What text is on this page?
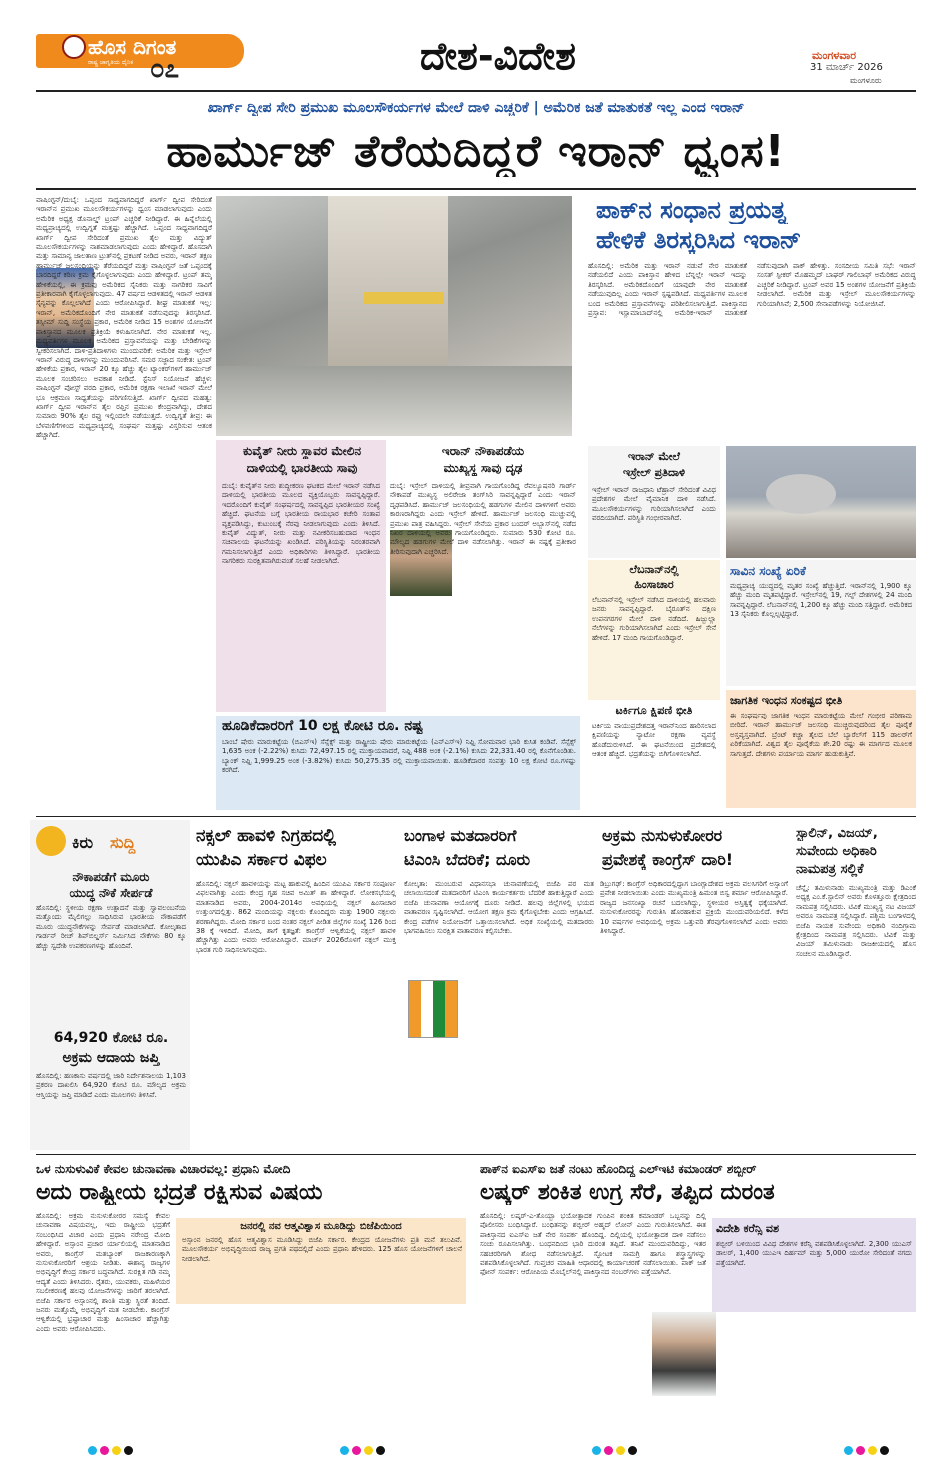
ಹೊಸ ದಿಗಂತ
ರಾಷ್ಟ್ರ ಜಾಗೃತಿಯ ದೈನಿಕ ೦೭	ದೇಶ-ವಿದೇಶ	ಮಂಗಳವಾರ
31 ಮಾರ್ಚ್ 2026
ಮಂಗಳೂರು
ಖಾರ್ಗ್ ದ್ವೀಪ ಸೇರಿ ಪ್ರಮುಖ ಮೂಲಸೌಕರ್ಯಗಳ ಮೇಲೆ ದಾಳಿ ಎಚ್ಚರಿಕೆ | ಅಮೆರಿಕ ಜತೆ ಮಾತುಕತೆ ಇಲ್ಲ ಎಂದ ಇರಾನ್
ಹಾರ್ಮುಜ್ ತೆರೆಯದಿದ್ದರೆ ಇರಾನ್ ಧ್ವಂಸ!
ವಾಷಿಂಗ್ಟನ್/ದುಬೈ: ಒಪ್ಪಂದ ಸಾಧ್ಯವಾಗದಿದ್ದರೆ ಖಾರ್ಗ್ ದ್ವೀಪ ಸೇರಿದಂತೆ ಇರಾನ್‌ನ ಪ್ರಮುಖ ಮೂಲಸೌಕರ್ಯಗಳನ್ನು ಧ್ವಂಸ ಮಾಡಲಾಗುವುದು ಎಂದು ಅಮೆರಿಕ ಅಧ್ಯಕ್ಷ ಡೊನಾಲ್ಡ್ ಟ್ರಂಪ್ ಎಚ್ಚರಿಕೆ ನೀಡಿದ್ದಾರೆ. ಈ ಹಿನ್ನೆಲೆಯಲ್ಲಿ ಮಧ್ಯಪ್ರಾಚ್ಯದಲ್ಲಿ ಉದ್ವಿಗ್ನತೆ ಮತ್ತಷ್ಟು ಹೆಚ್ಚಾಗಿದೆ. ಒಪ್ಪಂದ ಸಾಧ್ಯವಾಗದಿದ್ದರೆ ಖಾರ್ಗ್ ದ್ವೀಪ ಸೇರಿದಂತೆ ಪ್ರಮುಖ ತೈಲ ಮತ್ತು ವಿದ್ಯುತ್ ಮೂಲಸೌಕರ್ಯಗಳನ್ನು ನಾಶಮಾಡಲಾಗುವುದು ಎಂದು ಹೇಳಿದ್ದಾರೆ. ಹೊಸದಾಗಿ ಮತ್ತು ಸಾಮಾನ್ಯ ಜಾಲತಾಣ ಟ್ರುತ್‌ನಲ್ಲಿ ಪ್ರಕಟಣೆ ನೀಡಿದ ಅವರು, ಇರಾನ್ ತಕ್ಷಣ ಹಾರ್ಮುಜ್ ಜಲಸಂಧಿಯನ್ನು ತೆರೆಯದಿದ್ದರೆ ಮತ್ತು ವಾಷಿಂಗ್ಟನ್ ಜತೆ ಒಪ್ಪಂದಕ್ಕೆ ಬಾರದಿದ್ದರೆ ಕಠಿಣ ಕ್ರಮ ಕೈಗೊಳ್ಳಲಾಗುವುದು ಎಂದು ಹೇಳಿದ್ದಾರೆ. ಟ್ರಂಪ್ ತಮ್ಮ ಹೇಳಿಕೆಯಲ್ಲಿ, ಈ ಕ್ರಮವು ಅಮೆರಿಕದ ಸೈನಿಕರು ಮತ್ತು ನಾಗರಿಕರ ಸಾವಿಗೆ ಪ್ರತೀಕಾರವಾಗಿ ಕೈಗೊಳ್ಳಲಾಗುವುದು. 47 ವರ್ಷದ ಆಡಳಿತದಲ್ಲಿ ಇರಾನ್ ಆಡಳಿತ ಸೈನ್ಯವನ್ನು ಕೊಲ್ಲಲಾಗಿದೆ ಎಂದು ಆರೋಪಿಸಿದ್ದಾರೆ. ಶೀಘ್ರ ಮಾತುಕತೆ ಇಲ್ಲ: ಇರಾನ್, ಅಮೆರಿಕದೊಂದಿಗೆ ನೇರ ಮಾತುಕತೆ ನಡೆಸುವುದನ್ನು ತಿರಸ್ಕರಿಸಿದೆ. ತಸ್ಸೀಮ್ ಸುದ್ದಿ ಸಂಸ್ಥೆಯ ಪ್ರಕಾರ, ಅಮೆರಿಕ ನೀಡಿದ 15 ಅಂಶಗಳ ಯೋಜನೆಗೆ ಪಾಕಿಸ್ತಾನದ ಮೂಲಕ ಪ್ರತಿಕ್ರಿಯೆ ಕಳುಹಿಸಲಾಗಿದೆ. ನೇರ ಮಾತುಕತೆ ಇಲ್ಲ. ಮಧ್ಯವರ್ತಿಗಳ ಮೂಲಕ ಅಮೆರಿಕದ ಪ್ರಸ್ತಾವನೆಯನ್ನು ಮತ್ತು ಬೇಡಿಕೆಗಳನ್ನು ಸ್ವೀಕರಿಸಲಾಗಿದೆ. ದಾಳಿ-ಪ್ರತಿದಾಳಿಗಳು ಮುಂದುವರಿಕೆ: ಅಮೆರಿಕ ಮತ್ತು ಇಸ್ರೇಲ್ ಇರಾನ್ ವಿರುದ್ಧ ದಾಳಿಗಳನ್ನು ಮುಂದುವರಿಸಿವೆ. ಸಮರ ಸಜ್ಜಾದ ಸಂಕೇತ: ಟ್ರಂಪ್ ಹೇಳಿಕೆಯ ಪ್ರಕಾರ, ಇರಾನ್ 20 ಕ್ಕೂ ಹೆಚ್ಚು ತೈಲ ಟ್ಯಾಂಕರ್‌ಗಳಿಗೆ ಹಾರ್ಮುಜ್ ಮೂಲಕ ಸಂಚರಿಸಲು ಅವಕಾಶ ನೀಡಿದೆ. ಸ್ಟೆನಿಸ್ ನಿಯೋಜನೆ ಹೆಚ್ಚಳ: ವಾಷಿಂಗ್ಟನ್ ಪೋಸ್ಟ್ ವರದಿ ಪ್ರಕಾರ, ಅಮೆರಿಕ ರಕ್ಷಣಾ ಇಲಾಖೆ ಇರಾನ್ ಮೇಲೆ ಭೂ ಆಕ್ರಮಣ ಸಾಧ್ಯತೆಯನ್ನು ಪರಿಗಣಿಸುತ್ತಿದೆ. ಖಾರ್ಗ್ ದ್ವೀಪದ ಮಹತ್ವ: ಖಾರ್ಗ್ ದ್ವೀಪ ಇರಾನ್‌ನ ತೈಲ ರಫ್ತಿನ ಪ್ರಮುಖ ಕೇಂದ್ರವಾಗಿದ್ದು, ದೇಶದ ಸುಮಾರು 90% ತೈಲ ರಫ್ತು ಇಲ್ಲಿಂದಲೇ ನಡೆಯುತ್ತದೆ. ಉದ್ವಿಗ್ನತೆ ತೀವ್ರ: ಈ ಬೆಳವಣಿಗೆಗಳಿಂದ ಮಧ್ಯಪ್ರಾಚ್ಯದಲ್ಲಿ ಸಂಘರ್ಷ ಮತ್ತಷ್ಟು ವಿಸ್ತರಿಸುವ ಆತಂಕ ಹೆಚ್ಚಾಗಿದೆ.
ಪಾಕ್‌ನ ಸಂಧಾನ ಪ್ರಯತ್ನ
ಹೇಳಿಕೆ ತಿರಸ್ಕರಿಸಿದ ಇರಾನ್
ಹೊಸದಿಲ್ಲಿ: ಅಮೆರಿಕ ಮತ್ತು ಇರಾನ್ ನಡುವೆ ನೇರ ಮಾತುಕತೆ ನಡೆಯಲಿದೆ ಎಂದು ಪಾಕಿಸ್ತಾನ ಹೇಳಿದ ಬೆನ್ನಲ್ಲೇ ಇರಾನ್ ಇದನ್ನು ತಿರಸ್ಕರಿಸಿದೆ. ಅಮೆರಿಕದೊಂದಿಗೆ ಯಾವುದೇ ನೇರ ಮಾತುಕತೆ ನಡೆಯುವುದಿಲ್ಲ ಎಂದು ಇರಾನ್ ಸ್ಪಷ್ಟಪಡಿಸಿದೆ. ಮಧ್ಯವರ್ತಿಗಳ ಮೂಲಕ ಬಂದ ಅಮೆರಿಕದ ಪ್ರಸ್ತಾವನೆಗಳನ್ನು ಪರಿಶೀಲಿಸಲಾಗುತ್ತಿದೆ. ಪಾಕಿಸ್ತಾನದ ಪ್ರಸ್ತಾವ: ಇಸ್ಲಾಮಾಬಾದ್‌ನಲ್ಲಿ ಅಮೆರಿಕ-ಇರಾನ್ ಮಾತುಕತೆ ನಡೆಸುವುದಾಗಿ ಪಾಕ್ ಹೇಳಿತ್ತು. ಸಂಸದೀಯ ಸಮಿತಿ ಸಭೆ: ಇರಾನ್ ಸಂಸತ್ ಸ್ಪೀಕರ್ ಮೊಹಮ್ಮದ್ ಬಾಘರ್ ಗಾಲಿಬಾಫ್ ಅಮೆರಿಕದ ವಿರುದ್ಧ ಎಚ್ಚರಿಕೆ ನೀಡಿದ್ದಾರೆ. ಟ್ರಂಪ್ ಅವರ 15 ಅಂಶಗಳ ಯೋಜನೆಗೆ ಪ್ರತಿಕ್ರಿಯೆ ನೀಡಲಾಗಿದೆ. ಅಮೆರಿಕ ಮತ್ತು ಇಸ್ರೇಲ್ ಮೂಲಸೌಕರ್ಯಗಳನ್ನು ಗುರಿಯಾಗಿಸಿವೆ; 2,500 ಸೇನಾಪಡೆಗಳನ್ನು ನಿಯೋಜಿಸಿವೆ.
ಕುವೈತ್ ನೀರು ಸ್ಥಾವರ ಮೇಲಿನ
ದಾಳಿಯಲ್ಲಿ ಭಾರತೀಯ ಸಾವು
ದುಬೈ: ಕುವೈತ್‌ನ ನೀರು ಶುದ್ಧೀಕರಣ ಘಟಕದ ಮೇಲೆ ಇರಾನ್ ನಡೆಸಿದ ದಾಳಿಯಲ್ಲಿ ಭಾರತೀಯ ಮೂಲದ ವ್ಯಕ್ತಿಯೊಬ್ಬರು ಸಾವನ್ನಪ್ಪಿದ್ದಾರೆ. ಇದರೊಂದಿಗೆ ಕುವೈತ್ ಸಂಘರ್ಷದಲ್ಲಿ ಸಾವನ್ನಪ್ಪಿದ ಭಾರತೀಯರ ಸಂಖ್ಯೆ ಹೆಚ್ಚಿದೆ. ಘಟನೆಯ ಬಗ್ಗೆ ಭಾರತೀಯ ರಾಯಭಾರ ಕಚೇರಿ ಸಂತಾಪ ವ್ಯಕ್ತಪಡಿಸಿದ್ದು, ಕುಟುಂಬಕ್ಕೆ ನೆರವು ನೀಡಲಾಗುವುದು ಎಂದು ತಿಳಿಸಿದೆ. ಕುವೈತ್ ವಿದ್ಯುತ್, ನೀರು ಮತ್ತು ನವೀಕರಿಸಬಹುದಾದ ಇಂಧನ ಸಚಿವಾಲಯ ಘಟನೆಯನ್ನು ಖಂಡಿಸಿದೆ. ಪರಿಸ್ಥಿತಿಯನ್ನು ನಿರಂತರವಾಗಿ ಗಮನಿಸಲಾಗುತ್ತಿದೆ ಎಂದು ಅಧಿಕಾರಿಗಳು ತಿಳಿಸಿದ್ದಾರೆ. ಭಾರತೀಯ ನಾಗರಿಕರು ಸುರಕ್ಷಿತವಾಗಿರುವಂತೆ ಸಲಹೆ ನೀಡಲಾಗಿದೆ.
ಇರಾನ್ ನೌಕಾಪಡೆಯ
ಮುಖ್ಯಸ್ಥ ಸಾವು ದೃಢ
ದುಬೈ: ಇಸ್ರೇಲ್ ದಾಳಿಯಲ್ಲಿ ತೀವ್ರವಾಗಿ ಗಾಯಗೊಂಡಿದ್ದ ರೆವಲ್ಯೂಷನರಿ ಗಾರ್ಡ್ ನೌಕಾಪಡೆ ಮುಖ್ಯಸ್ಥ ಅಲಿರೇಜಾ ತಂಗ್‌ಸಿರಿ ಸಾವನ್ನಪ್ಪಿದ್ದಾರೆ ಎಂದು ಇರಾನ್ ದೃಢಪಡಿಸಿದೆ. ಹಾರ್ಮುಜ್ ಜಲಸಂಧಿಯಲ್ಲಿ ಹಡಗುಗಳ ಮೇಲಿನ ದಾಳಿಗಳಿಗೆ ಅವರು ಕಾರಣರಾಗಿದ್ದರು ಎಂದು ಇಸ್ರೇಲ್ ಹೇಳಿದೆ. ಹಾರ್ಮುಜ್ ಜಲಸಂಧಿ ಮುಚ್ಚುವಲ್ಲಿ ಪ್ರಮುಖ ಪಾತ್ರ ವಹಿಸಿದ್ದರು. ಇಸ್ರೇಲ್ ಸೇನೆಯ ಪ್ರಕಾರ ಬಂದರ್ ಅಬ್ಬಾಸ್‌ನಲ್ಲಿ ನಡೆದ ನಿಖರ ದಾಳಿಯಲ್ಲಿ ಅವರು ಗಾಯಗೊಂಡಿದ್ದರು. ಸುಮಾರು 530 ಕೋಟಿ ರೂ. ಮೌಲ್ಯದ ಹಡಗುಗಳ ಮೇಲೆ ದಾಳಿ ನಡೆಸಲಾಗಿತ್ತು. ಇರಾನ್ ಈ ನಷ್ಟಕ್ಕೆ ಪ್ರತೀಕಾರ ತೀರಿಸುವುದಾಗಿ ಎಚ್ಚರಿಸಿದೆ.
ಇರಾನ್ ಮೇಲೆ
ಇಸ್ರೇಲ್ ಪ್ರತಿದಾಳಿ
ಇಸ್ರೇಲ್ ಇರಾನ್ ರಾಜಧಾನಿ ಟೆಹ್ರಾನ್ ಸೇರಿದಂತೆ ವಿವಿಧ ಪ್ರದೇಶಗಳ ಮೇಲೆ ವೈಮಾನಿಕ ದಾಳಿ ನಡೆಸಿದೆ. ಮೂಲಸೌಕರ್ಯಗಳನ್ನು ಗುರಿಯಾಗಿಸಲಾಗಿದೆ ಎಂದು ವರದಿಯಾಗಿದೆ. ಪರಿಸ್ಥಿತಿ ಗಂಭೀರವಾಗಿದೆ.
ಲೆಬನಾನ್‌ನಲ್ಲಿ
ಹಿಂಸಾಚಾರ
ಲೆಬನಾನ್‌ನಲ್ಲಿ ಇಸ್ರೇಲ್ ನಡೆಸಿದ ದಾಳಿಯಲ್ಲಿ ಹಲವಾರು ಜನರು ಸಾವನ್ನಪ್ಪಿದ್ದಾರೆ. ಬೈರೂತ್‌ನ ದಕ್ಷಿಣ ಉಪನಗರಗಳ ಮೇಲೆ ದಾಳಿ ನಡೆದಿದೆ. ಹಿಜ್ಬುಲ್ಲಾ ನೆಲೆಗಳನ್ನು ಗುರಿಯಾಗಿಸಲಾಗಿದೆ ಎಂದು ಇಸ್ರೇಲ್ ಸೇನೆ ಹೇಳಿದೆ. 17 ಮಂದಿ ಗಾಯಗೊಂಡಿದ್ದಾರೆ.
ಟರ್ಕಿಗೂ ಕ್ಷಿಪಣಿ ಭೀತಿ
ಟರ್ಕಿಯ ವಾಯುಪ್ರದೇಶದತ್ತ ಇರಾನ್‌ನಿಂದ ಹಾರಿಸಲಾದ ಕ್ಷಿಪಣಿಯನ್ನು ನ್ಯಾಟೋ ರಕ್ಷಣಾ ವ್ಯವಸ್ಥೆ ಹೊಡೆದುರುಳಿಸಿದೆ. ಈ ಘಟನೆಯಿಂದ ಪ್ರದೇಶದಲ್ಲಿ ಆತಂಕ ಹೆಚ್ಚಿದೆ. ಭದ್ರತೆಯನ್ನು ಬಿಗಿಗೊಳಿಸಲಾಗಿದೆ.
ಸಾವಿನ ಸಂಖ್ಯೆ ಏರಿಕೆ
ಮಧ್ಯಪ್ರಾಚ್ಯ ಯುದ್ಧದಲ್ಲಿ ಮೃತರ ಸಂಖ್ಯೆ ಹೆಚ್ಚುತ್ತಿದೆ. ಇರಾನ್‌ನಲ್ಲಿ 1,900 ಕ್ಕೂ ಹೆಚ್ಚು ಮಂದಿ ಮೃತಪಟ್ಟಿದ್ದಾರೆ. ಇಸ್ರೇಲ್‌ನಲ್ಲಿ 19, ಗಲ್ಫ್ ದೇಶಗಳಲ್ಲಿ 24 ಮಂದಿ ಸಾವನ್ನಪ್ಪಿದ್ದಾರೆ. ಲೆಬನಾನ್‌ನಲ್ಲಿ 1,200 ಕ್ಕೂ ಹೆಚ್ಚು ಮಂದಿ ಸತ್ತಿದ್ದಾರೆ. ಅಮೆರಿಕದ 13 ಸೈನಿಕರು ಕೊಲ್ಲಲ್ಪಟ್ಟಿದ್ದಾರೆ.
ಜಾಗತಿಕ ಇಂಧನ ಸಂಕಷ್ಟದ ಭೀತಿ
ಈ ಸಂಘರ್ಷವು ಜಾಗತಿಕ ಇಂಧನ ಮಾರುಕಟ್ಟೆಯ ಮೇಲೆ ಗಂಭೀರ ಪರಿಣಾಮ ಬೀರಿದೆ. ಇರಾನ್ ಹಾರ್ಮುಜ್ ಜಲಸಂಧಿ ಮುಚ್ಚಿರುವುದರಿಂದ ತೈಲ ಪೂರೈಕೆ ಅಸ್ತವ್ಯಸ್ತವಾಗಿದೆ. ಬ್ರೆಂಟ್ ಕಚ್ಚಾ ತೈಲದ ಬೆಲೆ ಬ್ಯಾರೆಲ್‌ಗೆ 115 ಡಾಲರ್‌ಗೆ ಏರಿಕೆಯಾಗಿದೆ. ವಿಶ್ವದ ತೈಲ ಪೂರೈಕೆಯ ಶೇ.20 ರಷ್ಟು ಈ ಮಾರ್ಗದ ಮೂಲಕ ಸಾಗುತ್ತದೆ. ದೇಶಗಳು ಪರ್ಯಾಯ ಮಾರ್ಗ ಹುಡುಕುತ್ತಿವೆ.
ಹೂಡಿಕೆದಾರರಿಗೆ 10 ಲಕ್ಷ ಕೋಟಿ ರೂ. ನಷ್ಟ
ಬಾಂಬೆ ಷೇರು ಮಾರುಕಟ್ಟೆಯ (ಬಿಎಸ್‌ಇ) ಸೆನ್ಸೆಕ್ಸ್ ಮತ್ತು ರಾಷ್ಟ್ರೀಯ ಷೇರು ಮಾರುಕಟ್ಟೆಯ (ಎನ್‌ಎಸ್‌ಇ) ನಿಫ್ಟಿ ಸೋಮವಾರ ಭಾರಿ ಕುಸಿತ ಕಂಡಿವೆ. ಸೆನ್ಸೆಕ್ಸ್ 1,635 ಅಂಕ (-2.22%) ಕುಸಿದು 72,497.15 ರಲ್ಲಿ ಮುಕ್ತಾಯವಾದರೆ, ನಿಫ್ಟಿ 488 ಅಂಕ (-2.1%) ಕುಸಿದು 22,331.40 ರಲ್ಲಿ ಕೊನೆಗೊಂಡಿತು. ಬ್ಯಾಂಕ್ ನಿಫ್ಟಿ 1,999.25 ಅಂಕ (-3.82%) ಕುಸಿದು 50,275.35 ರಲ್ಲಿ ಮುಕ್ತಾಯವಾಯಿತು. ಹೂಡಿಕೆದಾರರ ಸಂಪತ್ತು 10 ಲಕ್ಷ ಕೋಟಿ ರೂ.ಗಳಷ್ಟು ಕರಗಿದೆ.
ಕಿರು ಸುದ್ದಿ
ನೌಕಾಪಡೆಗೆ ಮೂರು
ಯುದ್ಧ ನೌಕೆ ಸೇರ್ಪಡೆ
ಹೊಸದಿಲ್ಲಿ: ಸ್ಥಳೀಯ ರಕ್ಷಣಾ ಉತ್ಪಾದನೆ ಮತ್ತು ಸ್ವಾವಲಂಬನೆಯ ಮತ್ತೊಂದು ಮೈಲಿಗಲ್ಲು ಸಾಧಿಸಿರುವ ಭಾರತೀಯ ನೌಕಾಪಡೆಗೆ ಮೂರು ಯುದ್ಧನೌಕೆಗಳನ್ನು ಸೇರ್ಪಡೆ ಮಾಡಲಾಗಿದೆ. ಕೋಲ್ಕತಾದ ಗಾರ್ಡನ್ ರೀಚ್ ಶಿಪ್‌ಬಿಲ್ಡರ್ಸ್ ನಿರ್ಮಿಸಿದ ನೌಕೆಗಳು 80 ಕ್ಕೂ ಹೆಚ್ಚು ಸ್ವದೇಶಿ ಉಪಕರಣಗಳನ್ನು ಹೊಂದಿವೆ.
64,920 ಕೋಟಿ ರೂ.
ಅಕ್ರಮ ಆದಾಯ ಜಪ್ತಿ
ಹೊಸದಿಲ್ಲಿ: ಹಣಕಾಸು ವರ್ಷದಲ್ಲಿ ಜಾರಿ ನಿರ್ದೇಶನಾಲಯ 1,103 ಪ್ರಕರಣ ದಾಖಲಿಸಿ 64,920 ಕೋಟಿ ರೂ. ಮೌಲ್ಯದ ಅಕ್ರಮ ಆಸ್ತಿಯನ್ನು ಜಪ್ತಿ ಮಾಡಿದೆ ಎಂದು ಮೂಲಗಳು ತಿಳಿಸಿವೆ.
ನಕ್ಸಲ್ ಹಾವಳಿ ನಿಗ್ರಹದಲ್ಲಿ
ಯುಪಿಎ ಸರ್ಕಾರ ವಿಫಲ
ಹೊಸದಿಲ್ಲಿ: ನಕ್ಸಲ್ ಹಾವಳಿಯನ್ನು ಮಟ್ಟ ಹಾಕುವಲ್ಲಿ ಹಿಂದಿನ ಯುಪಿಎ ಸರ್ಕಾರ ಸಂಪೂರ್ಣ ವಿಫಲವಾಗಿತ್ತು ಎಂದು ಕೇಂದ್ರ ಗೃಹ ಸಚಿವ ಅಮಿತ್ ಶಾ ಹೇಳಿದ್ದಾರೆ. ಲೋಕಸಭೆಯಲ್ಲಿ ಮಾತನಾಡಿದ ಅವರು, 2004-2014ರ ಅವಧಿಯಲ್ಲಿ ನಕ್ಸಲ್ ಹಿಂಸಾಚಾರ ಉತ್ತುಂಗದಲ್ಲಿತ್ತು. 862 ಮಂದಿಯನ್ನು ನಕ್ಸಲರು ಕೊಂದಿದ್ದರು ಮತ್ತು 1900 ನಕ್ಸಲರು ಶರಣಾಗಿದ್ದರು. ಮೋದಿ ಸರ್ಕಾರ ಬಂದ ನಂತರ ನಕ್ಸಲ್ ಪೀಡಿತ ಜಿಲ್ಲೆಗಳ ಸಂಖ್ಯೆ 126 ರಿಂದ 38 ಕ್ಕೆ ಇಳಿದಿದೆ. ಮೋದಿ, ಶಾಗೆ ಕೃತಜ್ಞತೆ: ಕಾಂಗ್ರೆಸ್ ಆಳ್ವಿಕೆಯಲ್ಲಿ ನಕ್ಸಲ್ ಹಾವಳಿ ಹೆಚ್ಚಾಗಿತ್ತು ಎಂದು ಅವರು ಆರೋಪಿಸಿದ್ದಾರೆ. ಮಾರ್ಚ್ 2026ರೊಳಗೆ ನಕ್ಸಲ್ ಮುಕ್ತ ಭಾರತ ಗುರಿ ಸಾಧಿಸಲಾಗುವುದು.
ಬಂಗಾಳ ಮತದಾರರಿಗೆ
ಟಿಎಂಸಿ ಬೆದರಿಕೆ; ದೂರು
ಕೋಲ್ಕತಾ: ಮುಂಬರುವ ವಿಧಾನಸಭಾ ಚುನಾವಣೆಯಲ್ಲಿ ಬಿಜೆಪಿ ಪರ ಮತ ಚಲಾಯಿಸದಂತೆ ಮತದಾರರಿಗೆ ಟಿಎಂಸಿ ಕಾರ್ಯಕರ್ತರು ಬೆದರಿಕೆ ಹಾಕುತ್ತಿದ್ದಾರೆ ಎಂದು ಬಿಜೆಪಿ ಚುನಾವಣಾ ಆಯೋಗಕ್ಕೆ ದೂರು ನೀಡಿದೆ. ಹಲವು ಜಿಲ್ಲೆಗಳಲ್ಲಿ ಭಯದ ವಾತಾವರಣ ಸೃಷ್ಟಿಸಲಾಗಿದೆ. ಆಯೋಗ ತಕ್ಷಣ ಕ್ರಮ ಕೈಗೊಳ್ಳಬೇಕು ಎಂದು ಆಗ್ರಹಿಸಿದೆ. ಕೇಂದ್ರ ಪಡೆಗಳ ನಿಯೋಜನೆಗೆ ಒತ್ತಾಯಿಸಲಾಗಿದೆ. ಅಧಿಕ ಸಂಖ್ಯೆಯಲ್ಲಿ ಮತದಾರರು ಭಾಗವಹಿಸಲು ಸುರಕ್ಷಿತ ವಾತಾವರಣ ಕಲ್ಪಿಸಬೇಕು.
ಅಕ್ರಮ ನುಸುಳುಕೋರರ
ಪ್ರವೇಶಕ್ಕೆ ಕಾಂಗ್ರೆಸ್ ದಾರಿ!
ಡಿಬ್ರುಗಢ್: ಕಾಂಗ್ರೆಸ್ ಅಧಿಕಾರದಲ್ಲಿದ್ದಾಗ ಬಾಂಗ್ಲಾದೇಶದ ಅಕ್ರಮ ವಲಸಿಗರಿಗೆ ಅಸ್ಸಾಂಗೆ ಪ್ರವೇಶ ನೀಡಲಾಯಿತು ಎಂದು ಮುಖ್ಯಮಂತ್ರಿ ಹಿಮಂತ ಬಿಸ್ವ ಶರ್ಮಾ ಆರೋಪಿಸಿದ್ದಾರೆ. ರಾಜ್ಯದ ಜನಸಂಖ್ಯಾ ರಚನೆ ಬದಲಾಗಿದ್ದು, ಸ್ಥಳೀಯರ ಅಸ್ತಿತ್ವಕ್ಕೆ ಧಕ್ಕೆಯಾಗಿದೆ. ನುಸುಳುಕೋರರನ್ನು ಗುರುತಿಸಿ ಹೊರಹಾಕುವ ಪ್ರಕ್ರಿಯೆ ಮುಂದುವರಿಯಲಿದೆ. ಕಳೆದ 10 ವರ್ಷಗಳ ಅವಧಿಯಲ್ಲಿ ಅಕ್ರಮ ಒತ್ತುವರಿ ತೆರವುಗೊಳಿಸಲಾಗಿದೆ ಎಂದು ಅವರು ತಿಳಿಸಿದ್ದಾರೆ.
ಸ್ಟಾಲಿನ್, ವಿಜಯ್,
ಸುವೇಂದು ಅಧಿಕಾರಿ
ನಾಮಪತ್ರ ಸಲ್ಲಿಕೆ
ಚೆನ್ನೈ: ತಮಿಳುನಾಡು ಮುಖ್ಯಮಂತ್ರಿ ಮತ್ತು ಡಿಎಂಕೆ ಅಧ್ಯಕ್ಷ ಎಂ.ಕೆ.ಸ್ಟಾಲಿನ್ ಅವರು ಕೊಳತ್ತೂರು ಕ್ಷೇತ್ರದಿಂದ ನಾಮಪತ್ರ ಸಲ್ಲಿಸಿದರು. ಟಿವಿಕೆ ಮುಖ್ಯಸ್ಥ ನಟ ವಿಜಯ್ ಅವರೂ ನಾಮಪತ್ರ ಸಲ್ಲಿಸಿದ್ದಾರೆ. ಪಶ್ಚಿಮ ಬಂಗಾಳದಲ್ಲಿ ಬಿಜೆಪಿ ನಾಯಕ ಸುವೇಂದು ಅಧಿಕಾರಿ ನಂದಿಗ್ರಾಮ ಕ್ಷೇತ್ರದಿಂದ ನಾಮಪತ್ರ ಸಲ್ಲಿಸಿದರು. ಟಿವಿಕೆ ಮತ್ತು ವಿಜಯ್ ತಮಿಳುನಾಡು ರಾಜಕೀಯದಲ್ಲಿ ಹೊಸ ಸಂಚಲನ ಮೂಡಿಸಿದ್ದಾರೆ.
ಒಳ ನುಸುಳುವಿಕೆ ಕೇವಲ ಚುನಾವಣಾ ವಿಚಾರವಲ್ಲ: ಪ್ರಧಾನಿ ಮೋದಿ
ಅದು ರಾಷ್ಟ್ರೀಯ ಭದ್ರತೆ ರಕ್ಷಿಸುವ ವಿಷಯ
ಜನರಲ್ಲಿ ನವ ಆತ್ಮವಿಶ್ವಾಸ ಮೂಡಿದ್ದು ಬಿಜೆಪಿಯಿಂದ
ಅಸ್ಸಾಂನ ಜನರಲ್ಲಿ ಹೊಸ ಆತ್ಮವಿಶ್ವಾಸ ಮೂಡಿಸಿದ್ದು ಬಿಜೆಪಿ ಸರ್ಕಾರ. ಕೇಂದ್ರದ ಯೋಜನೆಗಳು ಪ್ರತಿ ಮನೆ ತಲುಪಿವೆ. ಮೂಲಸೌಕರ್ಯ ಅಭಿವೃದ್ಧಿಯಿಂದ ರಾಜ್ಯ ಪ್ರಗತಿ ಪಥದಲ್ಲಿದೆ ಎಂದು ಪ್ರಧಾನಿ ಹೇಳಿದರು. 125 ಹೊಸ ಯೋಜನೆಗಳಿಗೆ ಚಾಲನೆ ನೀಡಲಾಗಿದೆ.
ಹೊಸದಿಲ್ಲಿ: ಅಕ್ರಮ ನುಸುಳುಕೋರರ ಸಮಸ್ಯೆ ಕೇವಲ ಚುನಾವಣಾ ವಿಷಯವಲ್ಲ, ಇದು ರಾಷ್ಟ್ರೀಯ ಭದ್ರತೆಗೆ ಸಂಬಂಧಿಸಿದ ವಿಚಾರ ಎಂದು ಪ್ರಧಾನಿ ನರೇಂದ್ರ ಮೋದಿ ಹೇಳಿದ್ದಾರೆ. ಅಸ್ಸಾಂನ ಪ್ರಚಾರ ರ್ಯಾಲಿಯಲ್ಲಿ ಮಾತನಾಡಿದ ಅವರು, ಕಾಂಗ್ರೆಸ್ ಮತಬ್ಯಾಂಕ್ ರಾಜಕಾರಣಕ್ಕಾಗಿ ನುಸುಳುಕೋರರಿಗೆ ಆಶ್ರಯ ನೀಡಿತು. ಈಶಾನ್ಯ ರಾಜ್ಯಗಳ ಅಭಿವೃದ್ಧಿಗೆ ಕೇಂದ್ರ ಸರ್ಕಾರ ಬದ್ಧವಾಗಿದೆ. ಸುರಕ್ಷಿತ ಗಡಿ ನಮ್ಮ ಆದ್ಯತೆ ಎಂದು ತಿಳಿಸಿದರು. ರೈತರು, ಯುವಕರು, ಮಹಿಳೆಯರ ಸಬಲೀಕರಣಕ್ಕೆ ಹಲವು ಯೋಜನೆಗಳನ್ನು ಜಾರಿಗೆ ತರಲಾಗಿದೆ. ಬಿಜೆಪಿ ಸರ್ಕಾರ ಅಸ್ಸಾಂನಲ್ಲಿ ಶಾಂತಿ ಮತ್ತು ಸ್ಥಿರತೆ ತಂದಿದೆ. ಜನರು ಮತ್ತೊಮ್ಮೆ ಅಭಿವೃದ್ಧಿಗೆ ಮತ ನೀಡಬೇಕು. ಕಾಂಗ್ರೆಸ್ ಆಳ್ವಿಕೆಯಲ್ಲಿ ಭ್ರಷ್ಟಾಚಾರ ಮತ್ತು ಹಿಂಸಾಚಾರ ಹೆಚ್ಚಾಗಿತ್ತು ಎಂದು ಅವರು ಆರೋಪಿಸಿದರು.
ಪಾಕ್‌ನ ಐಎಸ್‌ಐ ಜತೆ ನಂಟು ಹೊಂದಿದ್ದ ಎಲ್‌ಇಟಿ ಕಮಾಂಡರ್ ಶಬ್ಬೀರ್
ಲಷ್ಕರ್ ಶಂಕಿತ ಉಗ್ರ ಸೆರೆ, ತಪ್ಪಿದ ದುರಂತ
ಹೊಸದಿಲ್ಲಿ: ಲಷ್ಕರ್-ಎ-ತೊಯ್ಬಾ ಭಯೋತ್ಪಾದಕ ಗುಂಪಿನ ಶಂಕಿತ ಕಮಾಂಡರ್ ಒಬ್ಬನನ್ನು ದಿಲ್ಲಿ ಪೊಲೀಸರು ಬಂಧಿಸಿದ್ದಾರೆ. ಬಂಧಿತನನ್ನು ಶಬ್ಬೀರ್ ಅಹ್ಮದ್ ಲೋನ್ ಎಂದು ಗುರುತಿಸಲಾಗಿದೆ. ಈತ ಪಾಕಿಸ್ತಾನದ ಐಎಸ್‌ಐ ಜತೆ ನೇರ ಸಂಪರ್ಕ ಹೊಂದಿದ್ದ. ದಿಲ್ಲಿಯಲ್ಲಿ ಭಯೋತ್ಪಾದಕ ದಾಳಿ ನಡೆಸಲು ಸಂಚು ರೂಪಿಸಲಾಗಿತ್ತು. ಬಂಧನದಿಂದ ಭಾರಿ ದುರಂತ ತಪ್ಪಿದೆ. ತನಿಖೆ ಮುಂದುವರಿದಿದ್ದು, ಇತರ ಸಹಚರರಿಗಾಗಿ ಶೋಧ ನಡೆಸಲಾಗುತ್ತಿದೆ. ಸ್ಫೋಟಕ ಸಾಮಗ್ರಿ ಹಾಗೂ ಶಸ್ತ್ರಾಸ್ತ್ರಗಳನ್ನು ವಶಪಡಿಸಿಕೊಳ್ಳಲಾಗಿದೆ. ಗುಪ್ತಚರ ಮಾಹಿತಿ ಆಧಾರದಲ್ಲಿ ಕಾರ್ಯಾಚರಣೆ ನಡೆಸಲಾಯಿತು. ಪಾಕ್ ಜತೆ ಫೋನ್ ಸಂಪರ್ಕ: ಆರೋಪಿಯ ಮೊಬೈಲ್‌ನಲ್ಲಿ ಪಾಕಿಸ್ತಾನದ ನಂಬರ್‌ಗಳು ಪತ್ತೆಯಾಗಿವೆ.
ವಿದೇಶಿ ಕರೆನ್ಸಿ ವಶ
ಶಬ್ಬೀರ್ ಬಳಿಯಿಂದ ವಿವಿಧ ದೇಶಗಳ ಕರೆನ್ಸಿ ವಶಪಡಿಸಿಕೊಳ್ಳಲಾಗಿದೆ. 2,300 ಯುಎಸ್ ಡಾಲರ್, 1,400 ಯುಎಇ ದಿರ್ಹಮ್ ಮತ್ತು 5,000 ಯುರೋ ಸೇರಿದಂತೆ ನಗದು ಪತ್ತೆಯಾಗಿದೆ.
